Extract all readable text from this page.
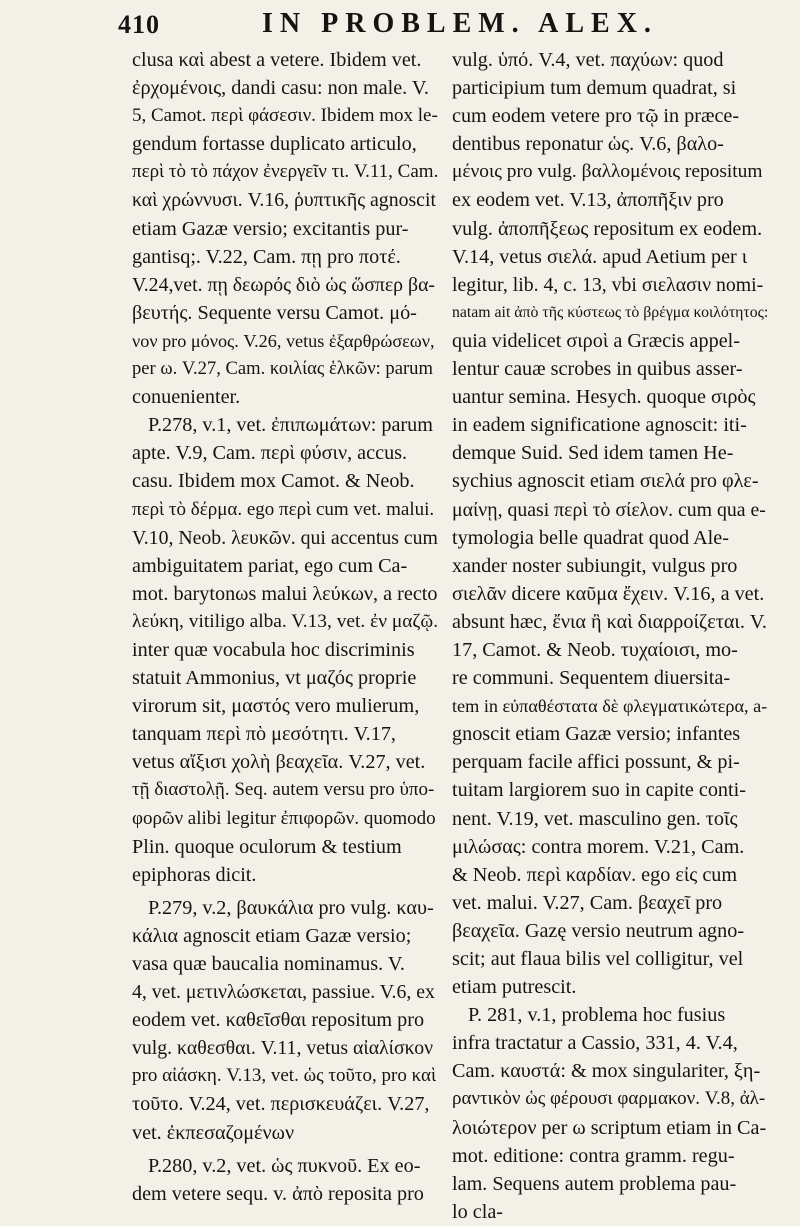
410	IN PROBLEM. ALEX.
clusa καὶ abest a vetere. Ibidem vet.
ἐρχομένοις, dandi casu: non male. V.
5, Camot. περὶ φάσεσιν. Ibidem mox le-
gendum fortasse duplicato articulo,
περὶ τὸ τὸ πάχον ἐνεργεῖν τι. V.11, Cam.
καὶ χρώννυσι. V.16, ῥυπτικῆς agnoscit
etiam Gazæ versio; excitantis pur-
gantisq;. V.22, Cam. πῃ pro ποτέ.
V.24,vet. πῃ δεωρός διὸ ὡς ὥσπερ βα-
βευτής. Sequente versu Camot. μό-
νον pro μόνος. V.26, vetus ἐξαρθρώσεων,
per ω. V.27, Cam. κοιλίας ἑλκῶν: parum
conuenienter.
P.278, v.1, vet. ἐπιπωμάτων: parum
apte. V.9, Cam. περὶ φύσιν, accus.
casu. Ibidem mox Camot. & Neob.
περὶ τὸ δέρμα. ego περὶ cum vet. malui.
V.10, Neob. λευκῶν. qui accentus cum
ambiguitatem pariat, ego cum Ca-
mot. barytonωs malui λεύκων, a recto
λεύκη, vitiligo alba. V.13, vet. ἐν μαζῷ.
inter quæ vocabula hoc discriminis
statuit Ammonius, vt μαζός proprie
virorum sit, μαστός vero mulierum,
tanquam περὶ πὸ μεσότητι. V.17,
vetus αἴξισι χολὴ βεαχεῖα. V.27, vet.
τῇ διαστολῇ. Seq. autem versu pro ὑπο-
φορῶν alibi legitur ἐπιφορῶν. quomodo
Plin. quoque oculorum & testium
epiphoras dicit.
P.279, v.2, βαυκάλια pro vulg. καυ-
κάλια agnoscit etiam Gazæ versio;
vasa quæ baucalia nominamus. V.
4, vet. μετινλώσκεται, passiue. V.6, ex
eodem vet. καθεῖσθαι repositum pro
vulg. καθεσθαι. V.11, vetus αἰαλίσκον
pro αἰάσκη. V.13, vet. ὡς τοῦτο, pro καὶ
τοῦτο. V.24, vet. περισκευάζει. V.27,
vet. ἐκπεσαζομένων
P.280, v.2, vet. ὡς πυκνοῦ. Ex eo-
dem vetere sequ. v. ἀπὸ reposita pro
vulg. ὑπό. V.4, vet. παχύων: quod
participium tum demum quadrat, si
cum eodem vetere pro τῷ in præce-
dentibus reponatur ὡς. V.6, βαλο-
μένοις pro vulg. βαλλομένοις repositum
ex eodem vet. V.13, ἀποπῆξιν pro
vulg. ἀποπῆξεως repositum ex eodem.
V.14, vetus σιελά. apud Aetium per ι
legitur, lib. 4, c. 13, vbi σιελασιν nomi-
natam ait ἀπὸ τῆς κύστεως τὸ βρέγμα κοιλότητος:
quia videlicet σιροὶ a Græcis appel-
lentur cauæ scrobes in quibus asser-
uantur semina. Hesych. quoque σιρὸς
in eadem significatione agnoscit: iti-
demque Suid. Sed idem tamen He-
sychius agnoscit etiam σιελά pro φλε-
μαίνῃ, quasi περὶ τὸ σίελον. cum qua e-
tymologia belle quadrat quod Ale-
xander noster subiungit, vulgus pro
σιελᾶν dicere καῦμα ἔχειν. V.16, a vet.
absunt hæc, ἔνια ἢ καὶ διαρροίζεται. V.
17, Camot. & Neob. τυχαίοισι, mo-
re communi. Sequentem diuersita-
tem in εὐπαθέστατα δὲ φλεγματικώτερα, a-
gnoscit etiam Gazæ versio; infantes
perquam facile affici possunt, & pi-
tuitam largiorem suo in capite conti-
nent. V.19, vet. masculino gen. τοῖς
μιλώσας: contra morem. V.21, Cam.
& Neob. περὶ καρδίαν. ego εἰς cum
vet. malui. V.27, Cam. βεαχεῖ pro
βεαχεῖα. Gazę versio neutrum agno-
scit; aut flaua bilis vel colligitur, vel
etiam putrescit.
P. 281, v.1, problema hoc fusius
infra tractatur a Cassio, 331, 4. V.4,
Cam. καυστά: & mox singulariter, ξη-
ραντικὸν ὡς φέρουσι φαρμακον. V.8, ἀλ-
λοιώτερον per ω scriptum etiam in Ca-
mot. editione: contra gramm. regu-
lam. Sequens autem problema pau-
lo cla-
